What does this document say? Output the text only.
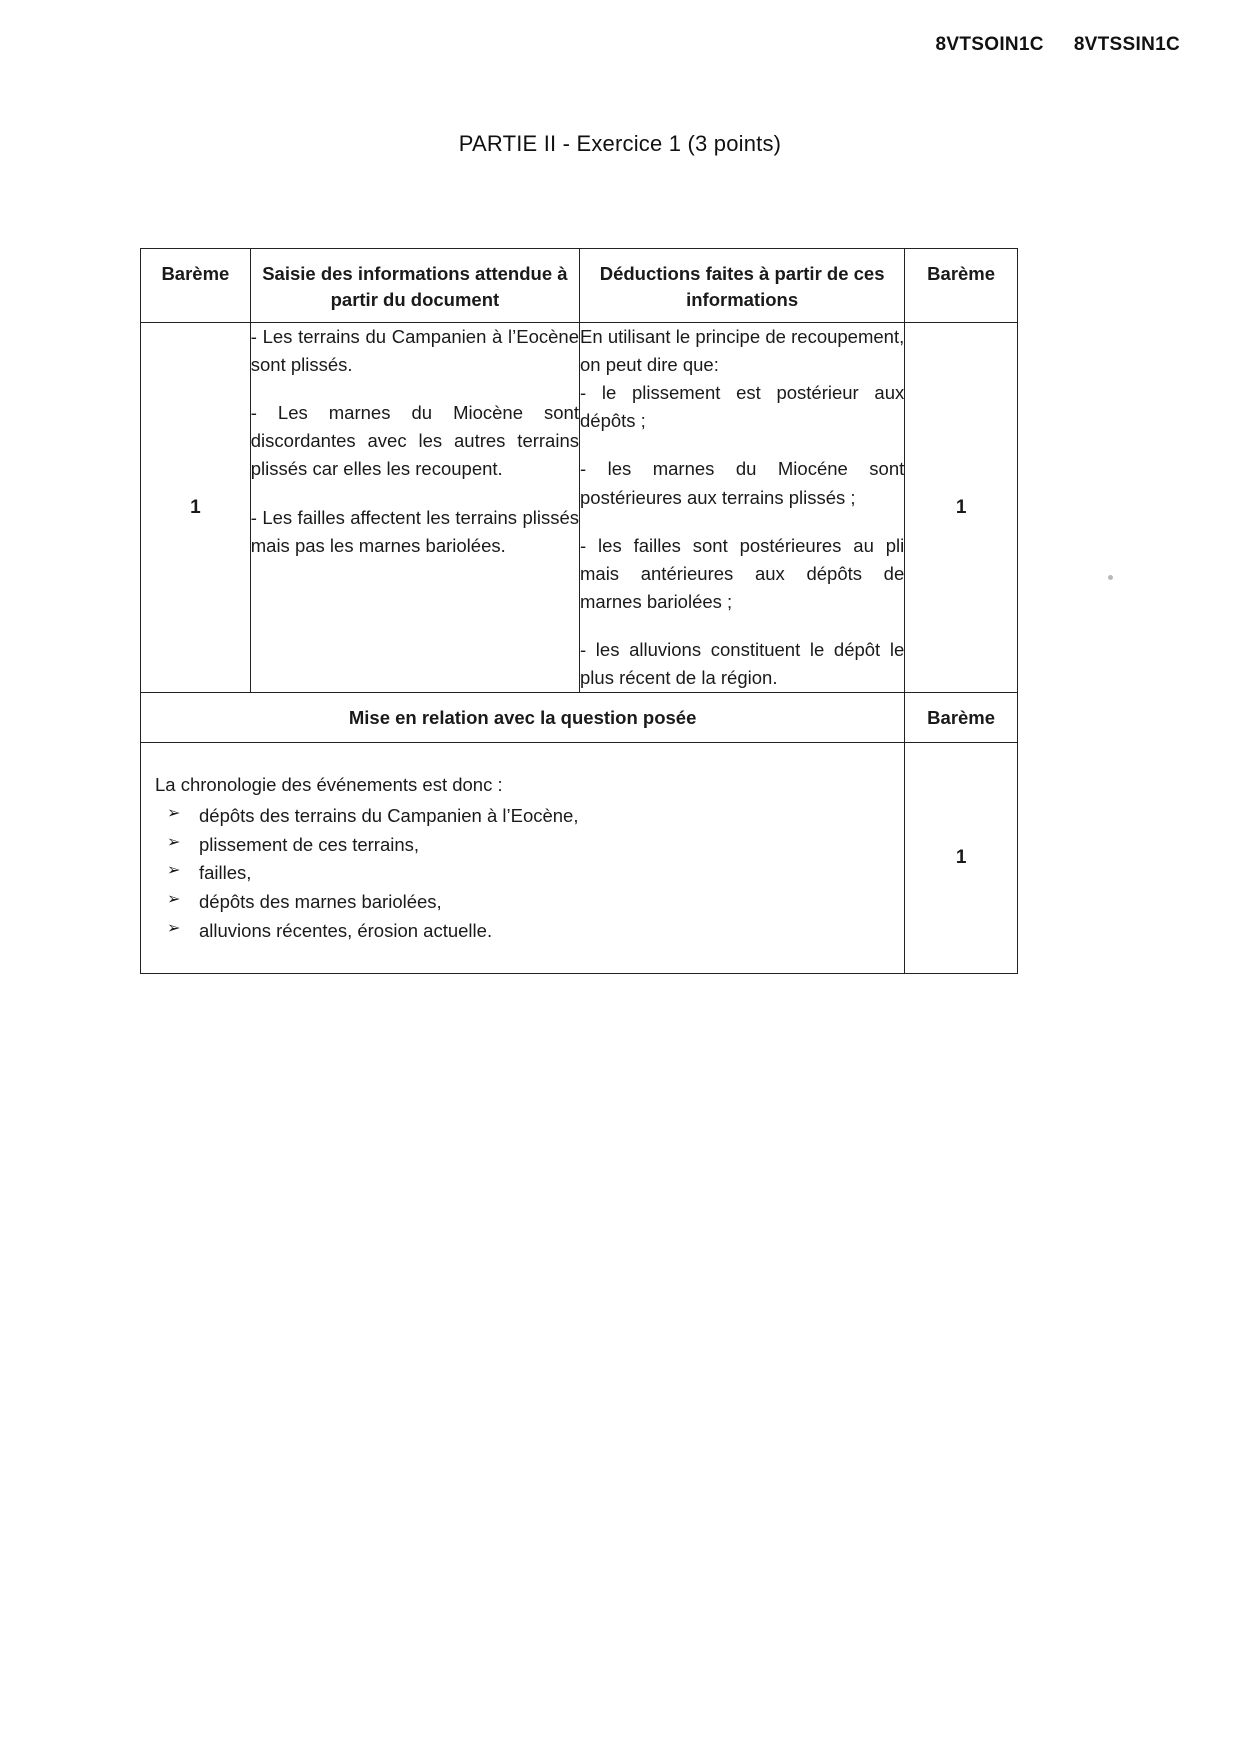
8VTSOIN1C 8VTSSIN1C
PARTIE II - Exercice 1 (3 points)
Barème	Saisie des informations attendue à partir du document
Déductions faites à partir de ces informations
Barème
1

- Les terrains du Campanien à l’Eocène sont plissés.

- Les marnes du Miocène sont discordantes avec les autres terrains plissés car elles les recoupent.

- Les failles affectent les terrains plissés mais pas les marnes bariolées.

En utilisant le principe de recoupement, on peut dire que:

- le plissement est postérieur aux dépôts ;

- les marnes du Miocéne sont postérieures aux terrains plissés ;

- les failles sont postérieures au pli mais antérieures aux dépôts de marnes bariolées ;

- les alluvions constituent le dépôt le plus récent de la région.

1
Mise en relation avec la question posée	Barème

La chronologie des événements est donc :

➢ dépôts des terrains du Campanien à l’Eocène,
➢ plissement de ces terrains,
➢ failles,
➢ dépôts des marnes bariolées,
➢ alluvions récentes, érosion actuelle.
1
